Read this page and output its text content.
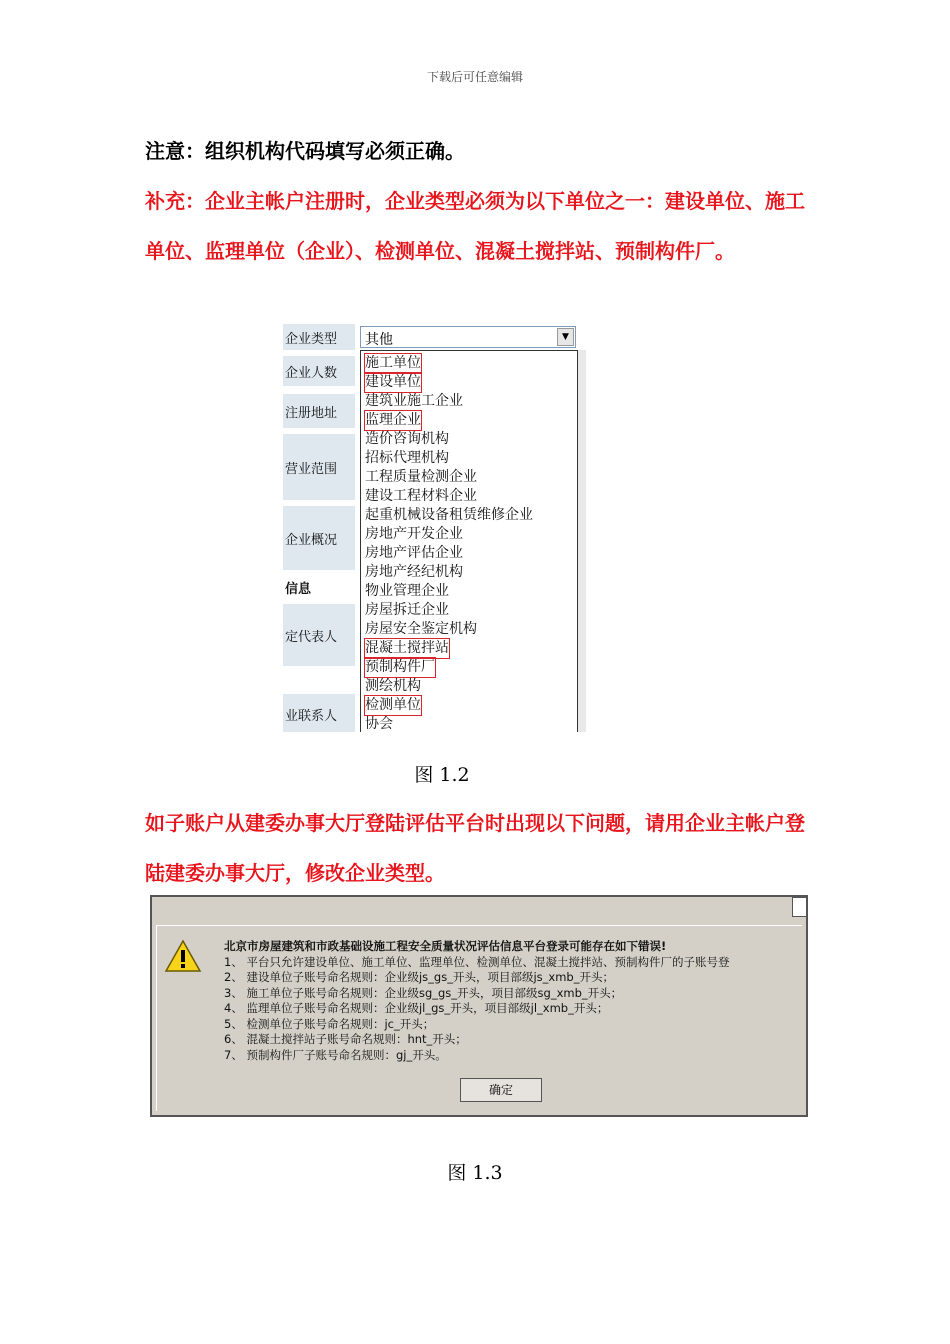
下载后可任意编辑
注意：组织机构代码填写必须正确。
补充：企业主帐户注册时，企业类型必须为以下单位之一：建设单位、施工单位、监理单位（企业）、检测单位、混凝土搅拌站、预制构件厂。
企业类型
企业人数
注册地址
营业范围
企业概况
信息
定代表人
业联系人
其他	▼
施工单位
建设单位
建筑业施工企业
监理企业
造价咨询机构
招标代理机构
工程质量检测企业
建设工程材料企业
起重机械设备租赁维修企业
房地产开发企业
房地产评估企业
房地产经纪机构
物业管理企业
房屋拆迁企业
房屋安全鉴定机构
混凝土搅拌站
预制构件厂
测绘机构
检测单位
协会
图 1.2
如子账户从建委办事大厅登陆评估平台时出现以下问题，请用企业主帐户登陆建委办事大厅，修改企业类型。
北京市房屋建筑和市政基础设施工程安全质量状况评估信息平台登录可能存在如下错误!
1、 平台只允许建设单位、施工单位、监理单位、检测单位、混凝土搅拌站、预制构件厂的子账号登
2、 建设单位子账号命名规则：企业级js_gs_开头，项目部级js_xmb_开头；
3、 施工单位子账号命名规则：企业级sg_gs_开头，项目部级sg_xmb_开头；
4、 监理单位子账号命名规则：企业级jl_gs_开头，项目部级jl_xmb_开头；
5、 检测单位子账号命名规则：jc_开头；
6、 混凝土搅拌站子账号命名规则：hnt_开头；
7、 预制构件厂子账号命名规则：gj_开头。
确定
图 1.3
